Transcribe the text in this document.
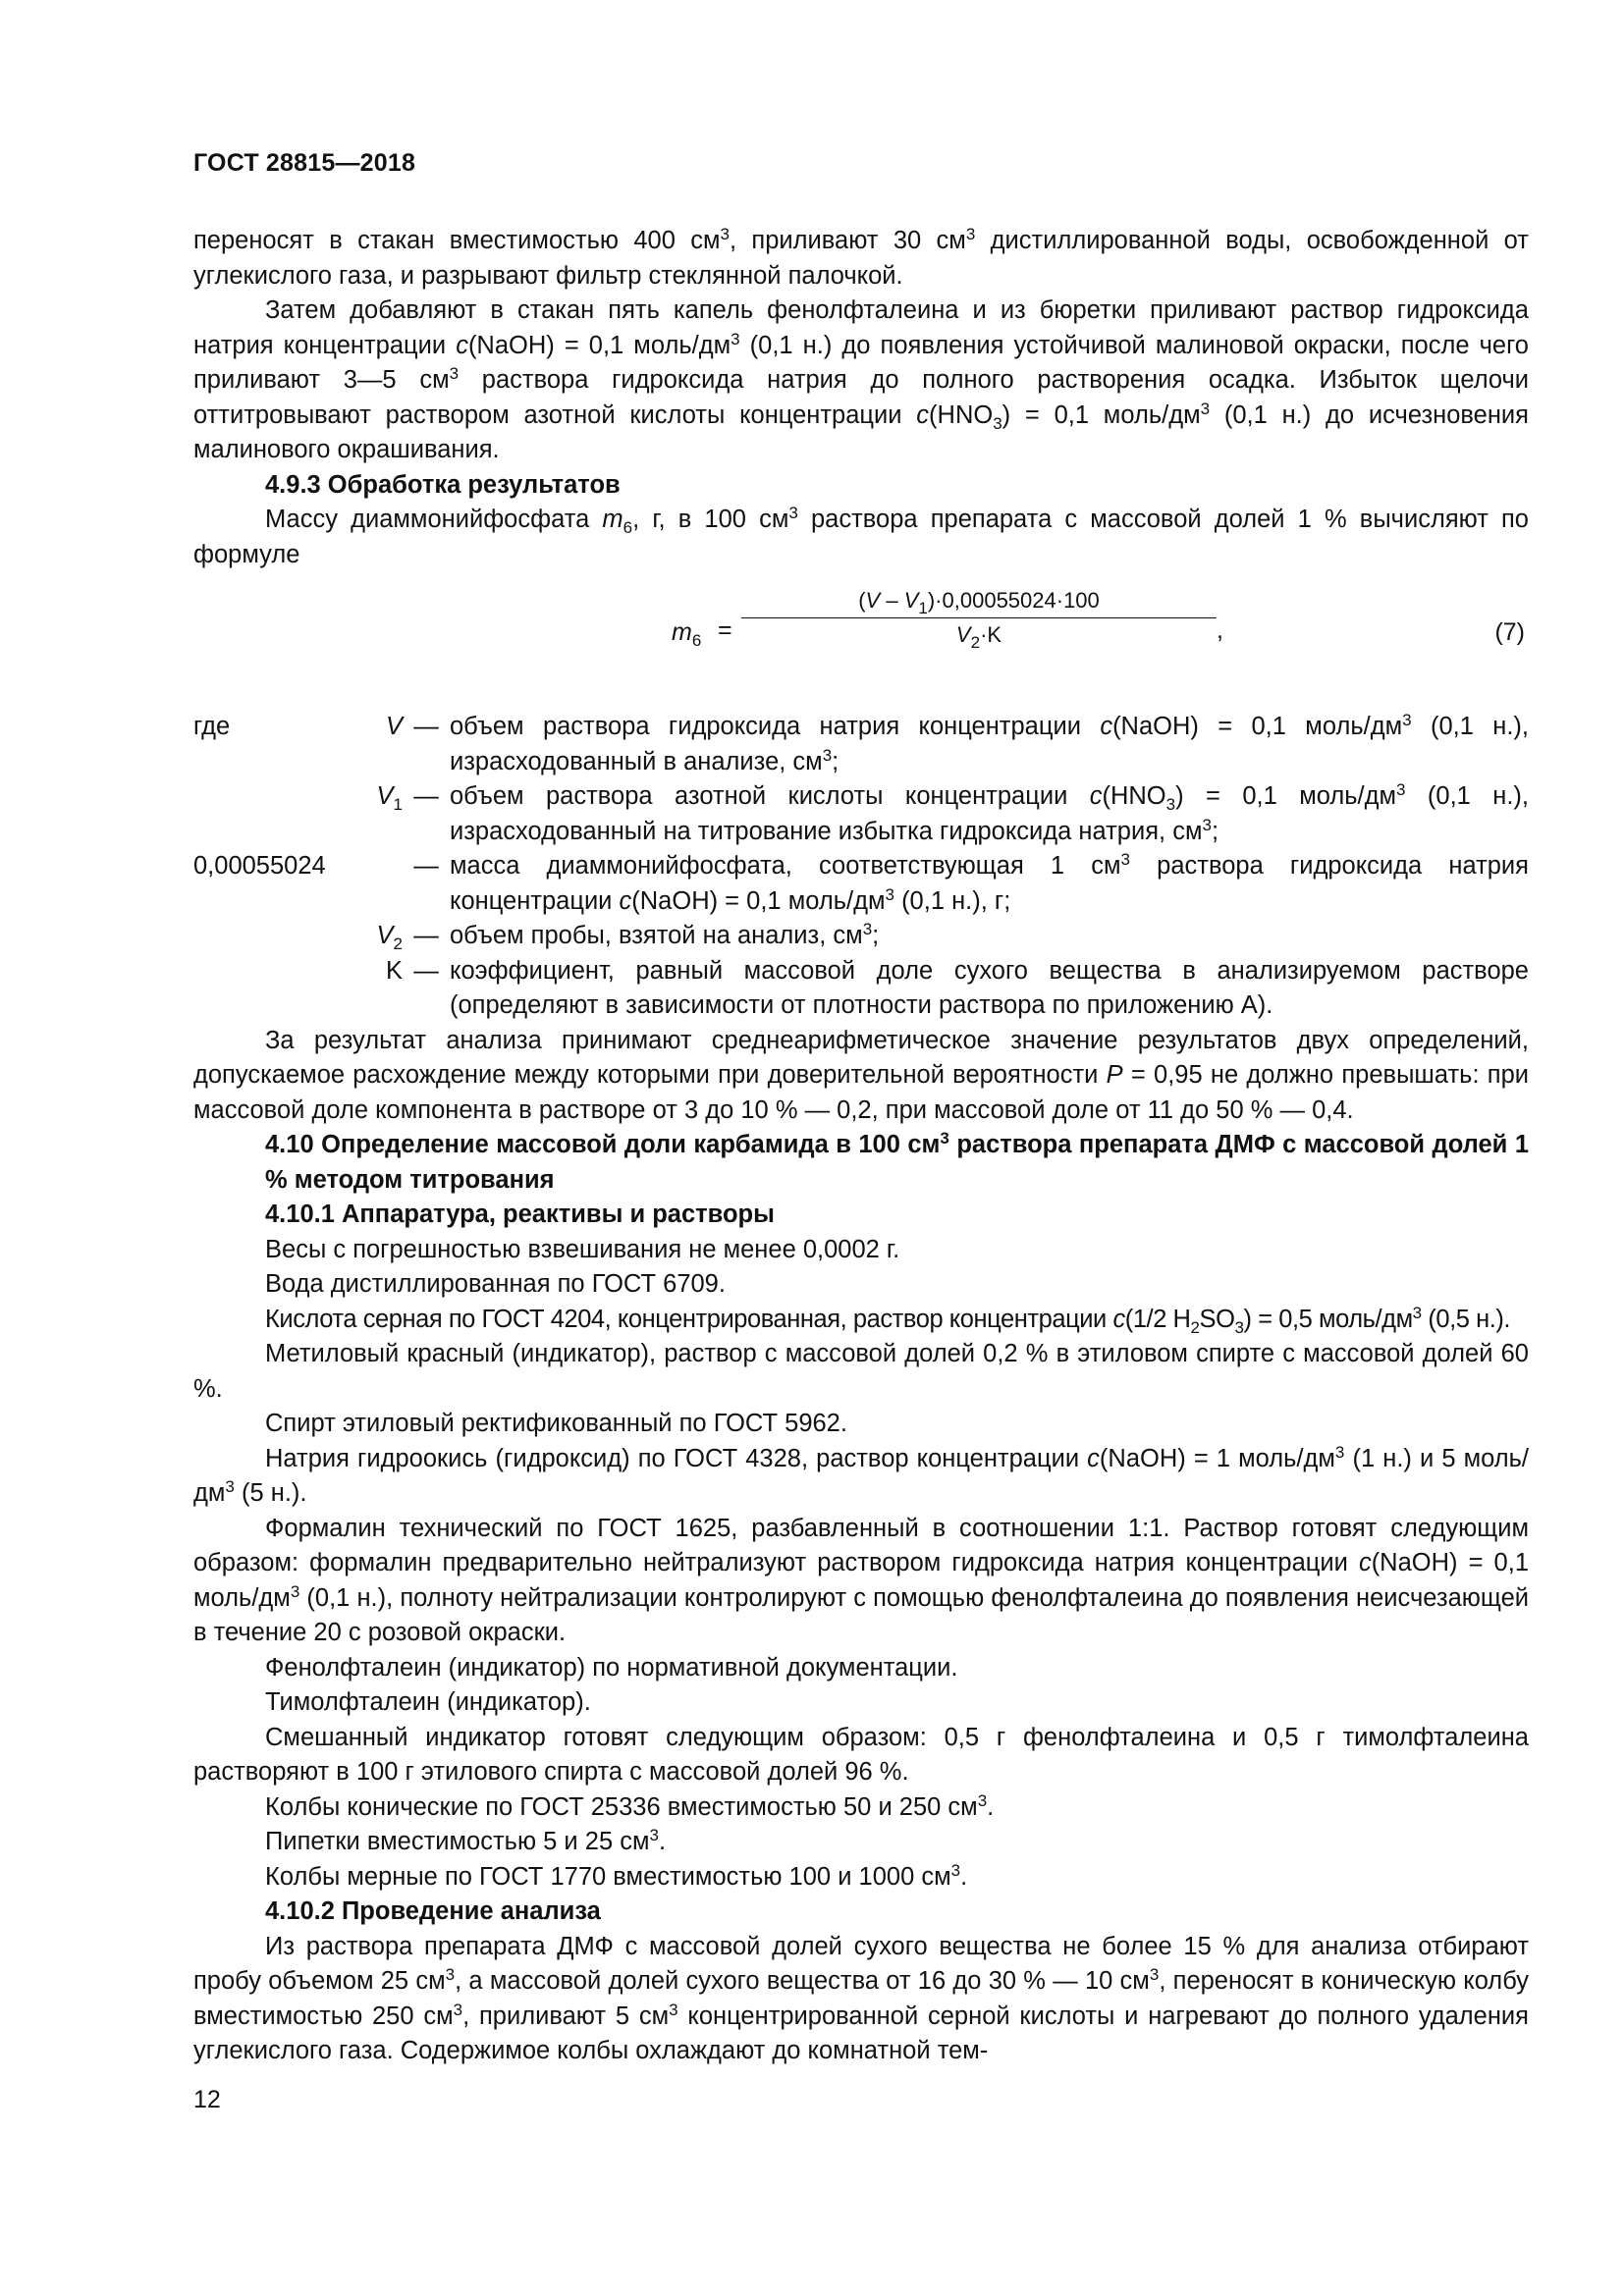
ГОСТ 28815—2018

переносят в стакан вместимостью 400 $см^3$, приливают 30 $см^3$ дистиллированной воды, освобожденной от углекислого газа, и разрывают фильтр стеклянной палочкой.

Затем добавляют в стакан пять капель фенолфталеина и из бюретки приливают раствор гидроксида натрия концентрации c(NaOH) = 0,1 моль/$дм^3$ (0,1 н.) до появления устойчивой малиновой окраски, после чего приливают 3—5 $см^3$ раствора гидроксида натрия до полного растворения осадка. Избыток щелочи оттитровывают раствором азотной кислоты концентрации $c(HNO_3) = 0,1$ моль/$дм^3$ (0,1 н.) до исчезновения малинового окрашивания.

4.9.3 Обработка результатов

Массу диаммонийфосфата $m_6$, г, в 100 $см^3$ раствора препарата с массовой долей 1 % вычисляют по формуле

$m_6 = \frac{(V - V_1)\cdot 0,00055024\cdot 100}{V_2\cdot K}$ ,	(7)
где	V — объем раствора гидроксида натрия концентрации c(NaOH) = 0,1 моль/$дм^3$ (0,1 н.), израсходованный в анализе, $см^3$;
$V_1$ — объем раствора азотной кислоты концентрации $c(HNO_3) = 0,1$ моль/$дм^3$ (0,1 н.), израсходованный на титрование избытка гидроксида натрия, $см^3$;
0,00055024	— масса диаммонийфосфата, соответствующая 1 $см^3$ раствора гидроксида натрия концентрации c(NaOH) = 0,1 моль/$дм^3$ (0,1 н.), г;
$V_2$ — объем пробы, взятой на анализ, $см^3$;
K — коэффициент, равный массовой доле сухого вещества в анализируемом растворе (определяют в зависимости от плотности раствора по приложению А).

За результат анализа принимают среднеарифметическое значение результатов двух определений, допускаемое расхождение между которыми при доверительной вероятности P = 0,95 не должно превышать: при массовой доле компонента в растворе от 3 до 10 % — 0,2, при массовой доле от 11 до 50 % — 0,4.

4.10 Определение массовой доли карбамида в 100 $см^3$ раствора препарата ДМФ с массовой долей 1 % методом титрования

4.10.1 Аппаратура, реактивы и растворы

Весы с погрешностью взвешивания не менее 0,0002 г.

Вода дистиллированная по ГОСТ 6709.

Кислота серная по ГОСТ 4204, концентрированная, раствор концентрации c(1/2 $H_2SO_3) = 0,5$ моль/$дм^3$ (0,5 н.).

Метиловый красный (индикатор), раствор с массовой долей 0,2 % в этиловом спирте с массовой долей 60 %.

Спирт этиловый ректификованный по ГОСТ 5962.

Натрия гидроокись (гидроксид) по ГОСТ 4328, раствор концентрации c(NaOH) = 1 моль/$дм^3$ (1 н.) и 5 моль/$дм^3$ (5 н.).

Формалин технический по ГОСТ 1625, разбавленный в соотношении 1:1. Раствор готовят следующим образом: формалин предварительно нейтрализуют раствором гидроксида натрия концентрации c(NaOH) = 0,1 моль/$дм^3$ (0,1 н.), полноту нейтрализации контролируют с помощью фенолфталеина до появления неисчезающей в течение 20 с розовой окраски.

Фенолфталеин (индикатор) по нормативной документации.

Тимолфталеин (индикатор).

Смешанный индикатор готовят следующим образом: 0,5 г фенолфталеина и 0,5 г тимолфталеина растворяют в 100 г этилового спирта с массовой долей 96 %.

Колбы конические по ГОСТ 25336 вместимостью 50 и 250 $см^3$.

Пипетки вместимостью 5 и 25 $см^3$.

Колбы мерные по ГОСТ 1770 вместимостью 100 и 1000 $см^3$.

4.10.2 Проведение анализа

Из раствора препарата ДМФ с массовой долей сухого вещества не более 15 % для анализа отбирают пробу объемом 25 $см^3$, а массовой долей сухого вещества от 16 до 30 % — 10 $см^3$, переносят в коническую колбу вместимостью 250 $см^3$, приливают 5 $см^3$ концентрированной серной кислоты и нагревают до полного удаления углекислого газа. Содержимое колбы охлаждают до комнатной тем-

12
